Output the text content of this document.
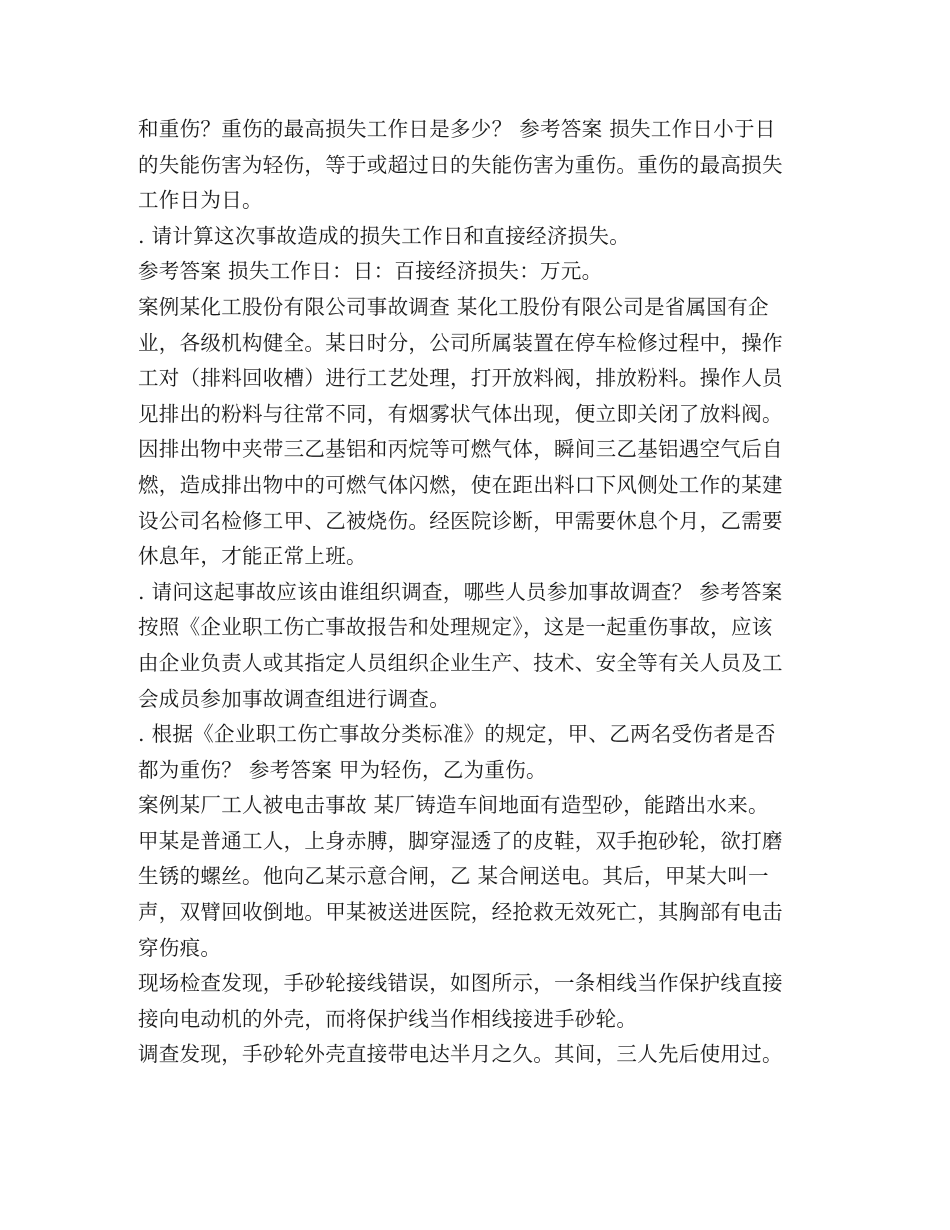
和重伤？重伤的最高损失工作日是多少？ 参考答案 损失工作日小于日
的失能伤害为轻伤，等于或超过日的失能伤害为重伤。重伤的最高损失
工作日为日。
. 请计算这次事故造成的损失工作日和直接经济损失。
参考答案 损失工作日：日：百接经济损失：万元。
案例某化工股份有限公司事故调查 某化工股份有限公司是省属国有企
业，各级机构健全。某日时分，公司所属装置在停车检修过程中，操作
工对（排料回收槽）进行工艺处理，打开放料阀，排放粉料。操作人员
见排出的粉料与往常不同，有烟雾状气体出现，便立即关闭了放料阀。
因排出物中夹带三乙基铝和丙烷等可燃气体，瞬间三乙基铝遇空气后自
燃，造成排出物中的可燃气体闪燃，使在距出料口下风侧处工作的某建
设公司名检修工甲、乙被烧伤。经医院诊断，甲需要休息个月，乙需要
休息年，才能正常上班。
. 请问这起事故应该由谁组织调查，哪些人员参加事故调查？ 参考答案
按照《企业职工伤亡事故报告和处理规定》，这是一起重伤事故，应该
由企业负责人或其指定人员组织企业生产、技术、安全等有关人员及工
会成员参加事故调查组进行调查。
. 根据《企业职工伤亡事故分类标准》的规定，甲、乙两名受伤者是否
都为重伤？ 参考答案 甲为轻伤，乙为重伤。
案例某厂工人被电击事故 某厂铸造车间地面有造型砂，能踏出水来。
甲某是普通工人，上身赤膊，脚穿湿透了的皮鞋，双手抱砂轮，欲打磨
生锈的螺丝。他向乙某示意合闸，乙 某合闸送电。其后，甲某大叫一
声，双臂回收倒地。甲某被送进医院，经抢救无效死亡，其胸部有电击
穿伤痕。
现场检查发现，手砂轮接线错误，如图所示，一条相线当作保护线直接
接向电动机的外壳，而将保护线当作相线接进手砂轮。
调查发现，手砂轮外壳直接带电达半月之久。其间，三人先后使用过。
